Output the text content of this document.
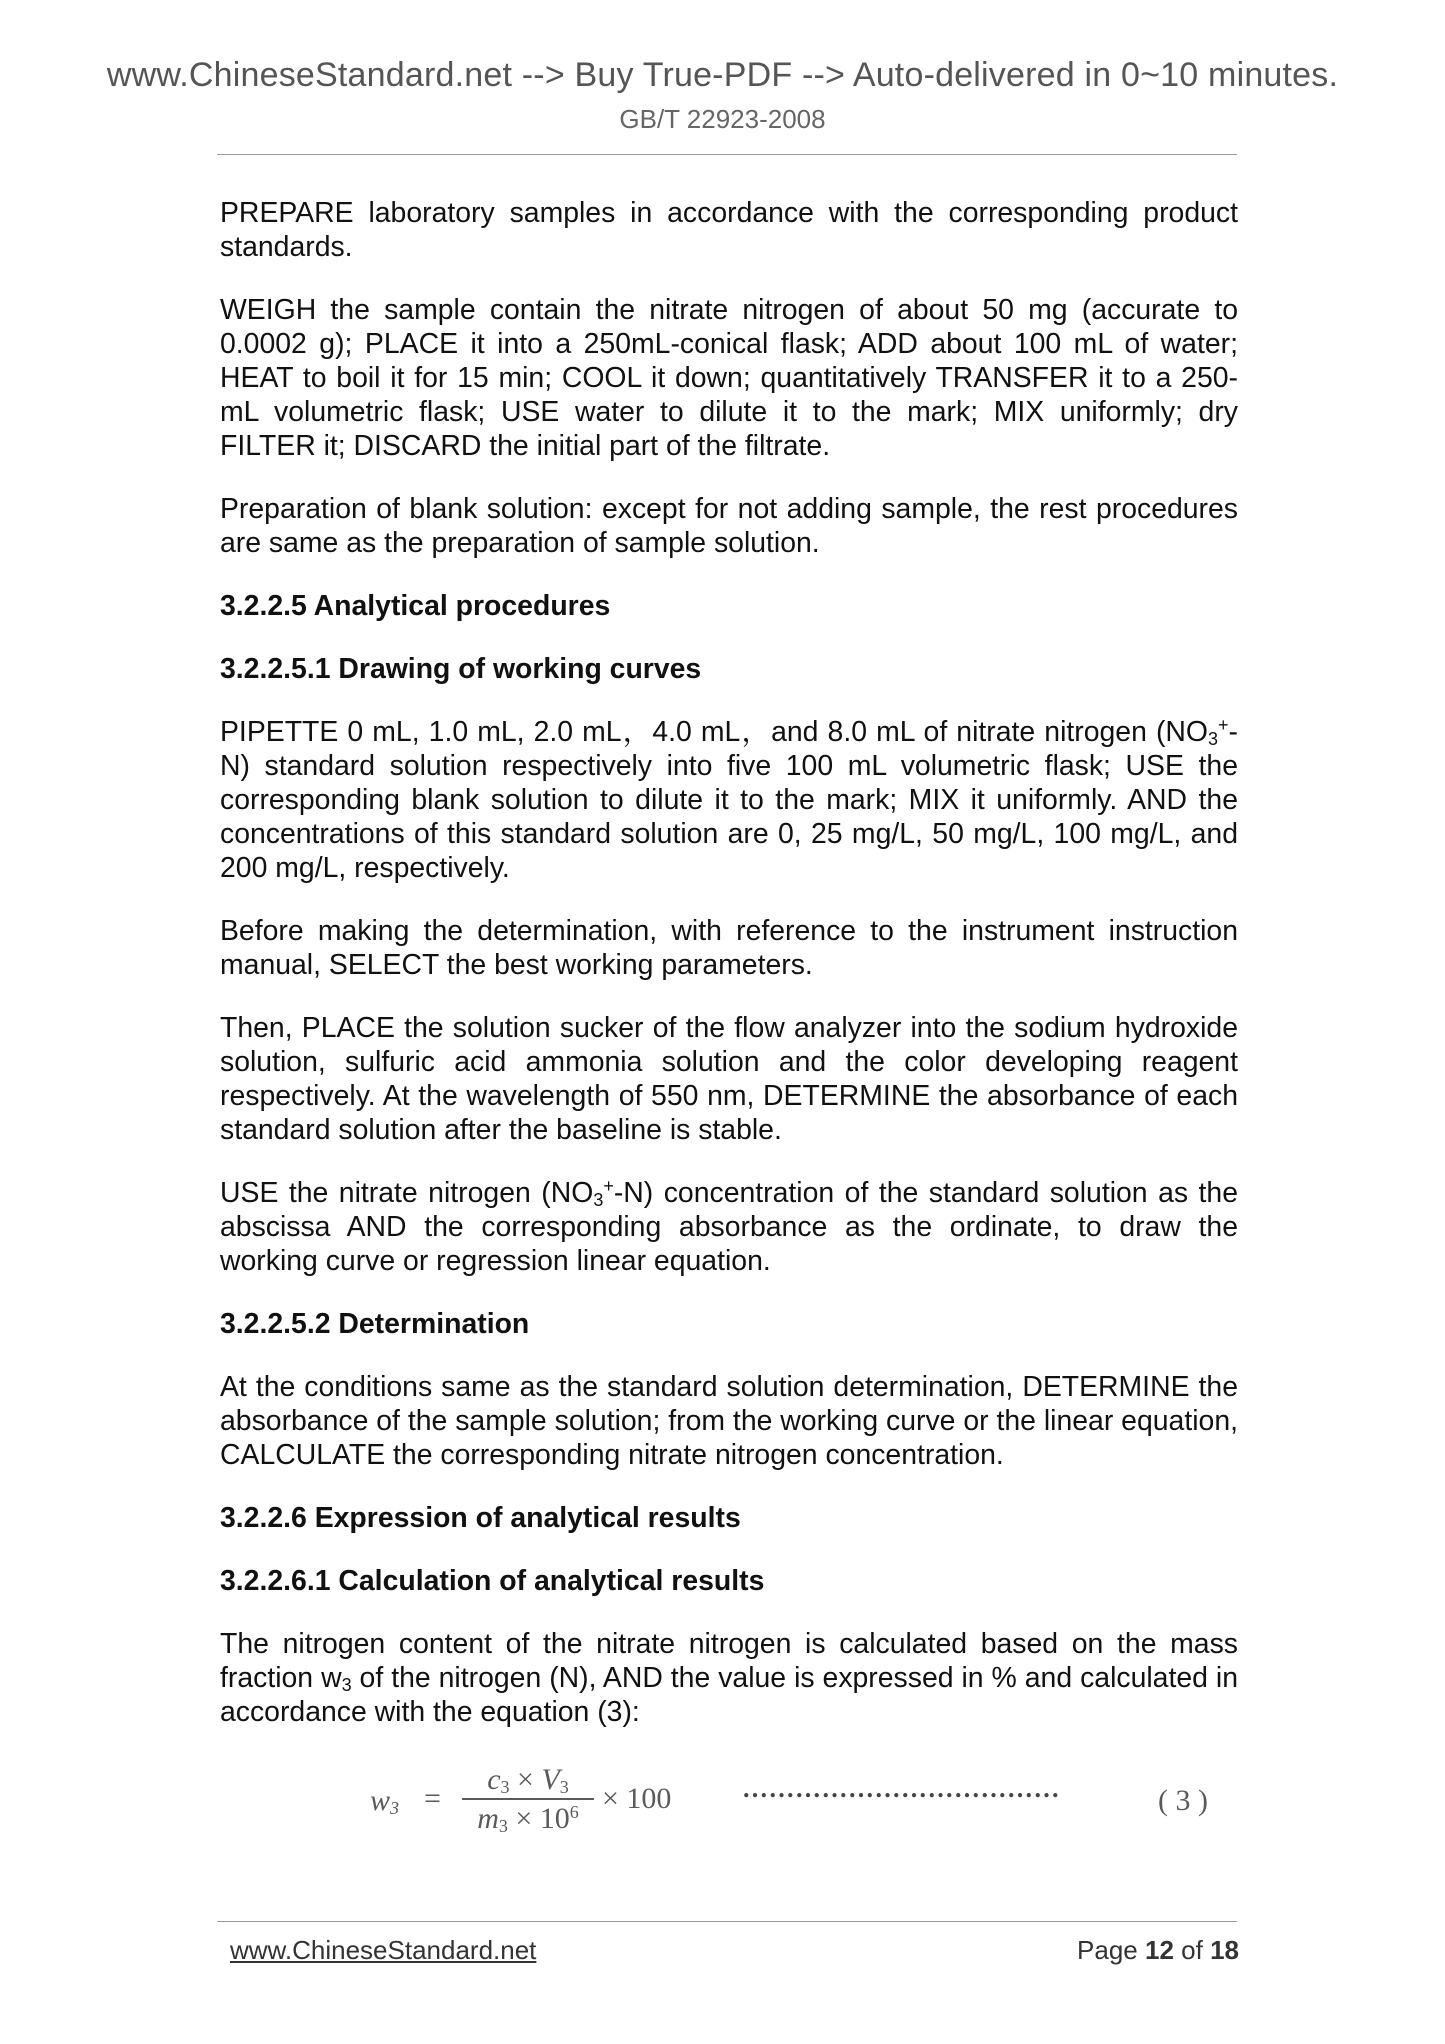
www.ChineseStandard.net --> Buy True-PDF --> Auto-delivered in 0~10 minutes.
GB/T 22923-2008

PREPARE laboratory samples in accordance with the corresponding product standards.

WEIGH the sample contain the nitrate nitrogen of about 50 mg (accurate to 0.0002 g); PLACE it into a 250mL-conical flask; ADD about 100 mL of water; HEAT to boil it for 15 min; COOL it down; quantitatively TRANSFER it to a 250-mL volumetric flask; USE water to dilute it to the mark; MIX uniformly; dry FILTER it; DISCARD the initial part of the filtrate.

Preparation of blank solution: except for not adding sample, the rest procedures are same as the preparation of sample solution.

3.2.2.5 Analytical procedures
3.2.2.5.1 Drawing of working curves

PIPETTE 0 mL, 1.0 mL, 2.0 mL，4.0 mL，and 8.0 mL of nitrate nitrogen $(NO_3^+-N)$ standard solution respectively into five 100 mL volumetric flask; USE the corresponding blank solution to dilute it to the mark; MIX it uniformly. AND the concentrations of this standard solution are 0, 25 mg/L, 50 mg/L, 100 mg/L, and 200 mg/L, respectively.

Before making the determination, with reference to the instrument instruction manual, SELECT the best working parameters.

Then, PLACE the solution sucker of the flow analyzer into the sodium hydroxide solution, sulfuric acid ammonia solution and the color developing reagent respectively. At the wavelength of 550 nm, DETERMINE the absorbance of each standard solution after the baseline is stable.

USE the nitrate nitrogen $(NO_3^+-N)$ concentration of the standard solution as the abscissa AND the corresponding absorbance as the ordinate, to draw the working curve or regression linear equation.

3.2.2.5.2 Determination

At the conditions same as the standard solution determination, DETERMINE the absorbance of the sample solution; from the working curve or the linear equation, CALCULATE the corresponding nitrate nitrogen concentration.

3.2.2.6 Expression of analytical results
3.2.2.6.1 Calculation of analytical results

The nitrogen content of the nitrate nitrogen is calculated based on the mass fraction $w_3$ of the nitrogen (N), AND the value is expressed in % and calculated in accordance with the equation (3):

$w_3$ =
$c_3 \times V_3$
$m_3 \times 10^6 \times 100$	………………………………	( 3 )
www.ChineseStandard.net	Page 12 of 18
